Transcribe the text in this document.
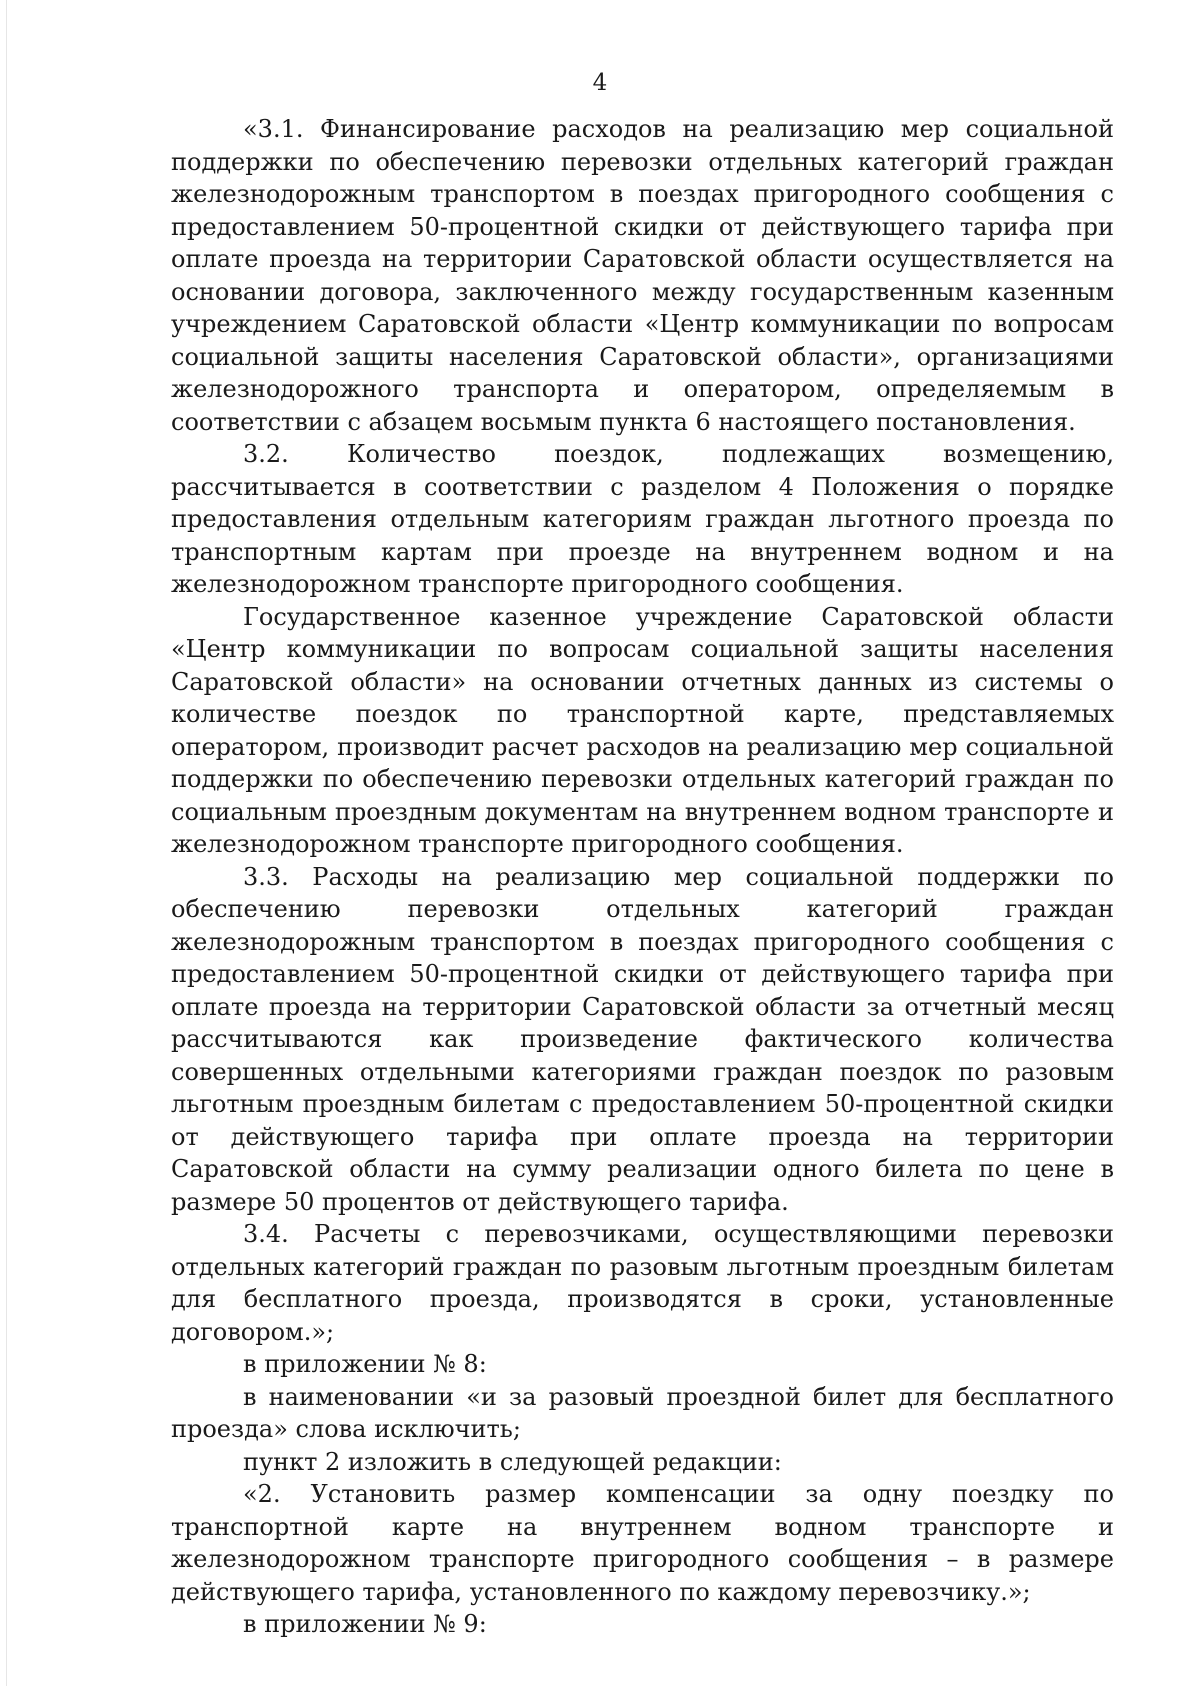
4

«3.1. Финансирование расходов на реализацию мер социальной поддержки по обеспечению перевозки отдельных категорий граждан железнодорожным транспортом в поездах пригородного сообщения с предоставлением 50-процентной скидки от действующего тарифа при оплате проезда на территории Саратовской области осуществляется на основании договора, заключенного между государственным казенным учреждением Саратовской области «Центр коммуникации по вопросам социальной защиты населения Саратовской области», организациями железнодорожного транспорта и оператором, определяемым в соответствии с абзацем восьмым пункта 6 настоящего постановления.

3.2. Количество поездок, подлежащих возмещению, рассчитывается в соответствии с разделом 4 Положения о порядке предоставления отдельным категориям граждан льготного проезда по транспортным картам при проезде на внутреннем водном и на железнодорожном транспорте пригородного сообщения.

Государственное казенное учреждение Саратовской области «Центр коммуникации по вопросам социальной защиты населения Саратовской области» на основании отчетных данных из системы о количестве поездок по транспортной карте, представляемых оператором, производит расчет расходов на реализацию мер социальной поддержки по обеспечению перевозки отдельных категорий граждан по социальным проездным документам на внутреннем водном транспорте и железнодорожном транспорте пригородного сообщения.

3.3. Расходы на реализацию мер социальной поддержки по обеспечению перевозки отдельных категорий граждан железнодорожным транспортом в поездах пригородного сообщения с предоставлением 50-процентной скидки от действующего тарифа при оплате проезда на территории Саратовской области за отчетный месяц рассчитываются как произведение фактического количества совершенных отдельными категориями граждан поездок по разовым льготным проездным билетам с предоставлением 50-процентной скидки от действующего тарифа при оплате проезда на территории Саратовской области на сумму реализации одного билета по цене в размере 50 процентов от действующего тарифа.

3.4. Расчеты с перевозчиками, осуществляющими перевозки отдельных категорий граждан по разовым льготным проездным билетам для бесплатного проезда, производятся в сроки, установленные договором.»;

в приложении № 8:

в наименовании «и за разовый проездной билет для бесплатного проезда» слова исключить;

пункт 2 изложить в следующей редакции:

«2. Установить размер компенсации за одну поездку по транспортной карте на внутреннем водном транспорте и железнодорожном транспорте пригородного сообщения – в размере действующего тарифа, установленного по каждому перевозчику.»;

в приложении № 9:
